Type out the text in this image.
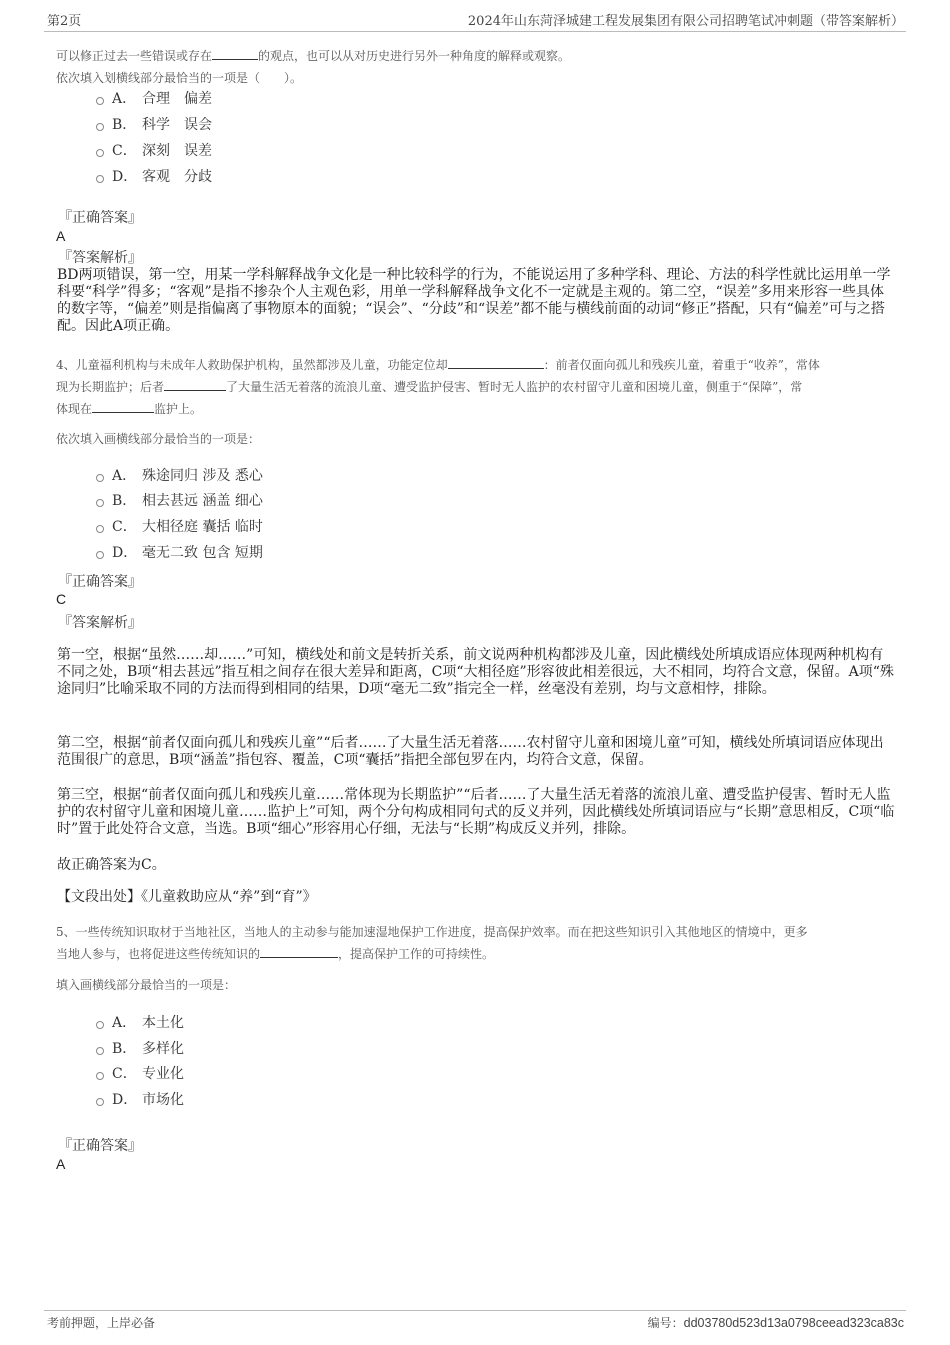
第2页	2024年山东菏泽城建工程发展集团有限公司招聘笔试冲刺题（带答案解析）
可以修正过去一些错误或存在	的观点，也可以从对历史进行另外一种角度的解释或观察。
依次填入划横线部分最恰当的一项是（　　）。
A． 合理 偏差
B． 科学 误会
C． 深刻 误差
D． 客观 分歧
『正确答案』
A
『答案解析』
BD两项错误，第一空，用某一学科解释战争文化是一种比较科学的行为，不能说运用了多种学科、理论、方法的科学性就比运用单一学科要“科学”得多；“客观”是指不掺杂个人主观色彩，用单一学科解释战争文化不一定就是主观的。第二空，“误差”多用来形容一些具体的数字等，“偏差”则是指偏离了事物原本的面貌；“误会”、“分歧”和“误差”都不能与横线前面的动词“修正”搭配，只有“偏差”可与之搭配。因此A项正确。
4、儿童福利机构与未成年人救助保护机构，虽然都涉及儿童，功能定位却	：前者仅面向孤儿和残疾儿童，着重于“收养”，常体
现为长期监护；后者	了大量生活无着落的流浪儿童、遭受监护侵害、暂时无人监护的农村留守儿童和困境儿童，侧重于“保障”，常
体现在	监护上。
依次填入画横线部分最恰当的一项是：
A． 殊途同归 涉及 悉心
B． 相去甚远 涵盖 细心
C． 大相径庭 囊括 临时
D． 毫无二致 包含 短期
『正确答案』
C
『答案解析』
第一空，根据“虽然……却……”可知，横线处和前文是转折关系，前文说两种机构都涉及儿童，因此横线处所填成语应体现两种机构有不同之处，B项“相去甚远”指互相之间存在很大差异和距离，C项“大相径庭”形容彼此相差很远，大不相同，均符合文意，保留。A项“殊途同归”比喻采取不同的方法而得到相同的结果，D项“毫无二致”指完全一样，丝毫没有差别，均与文意相悖，排除。
第二空，根据“前者仅面向孤儿和残疾儿童”“后者……了大量生活无着落……农村留守儿童和困境儿童”可知，横线处所填词语应体现出范围很广的意思，B项“涵盖”指包容、覆盖，C项“囊括”指把全部包罗在内，均符合文意，保留。
第三空，根据“前者仅面向孤儿和残疾儿童……常体现为长期监护”“后者……了大量生活无着落的流浪儿童、遭受监护侵害、暂时无人监护的农村留守儿童和困境儿童……监护上”可知，两个分句构成相同句式的反义并列，因此横线处所填词语应与“长期”意思相反，C项“临时”置于此处符合文意，当选。B项“细心”形容用心仔细，无法与“长期”构成反义并列，排除。
故正确答案为C。
【文段出处】《儿童救助应从“养”到“育”》
5、一些传统知识取材于当地社区，当地人的主动参与能加速湿地保护工作进度，提高保护效率。而在把这些知识引入其他地区的情境中，更多
当地人参与，也将促进这些传统知识的	，提高保护工作的可持续性。
填入画横线部分最恰当的一项是：
A． 本土化
B． 多样化
C． 专业化
D． 市场化
『正确答案』
A
考前押题，上岸必备	编号：dd03780d523d13a0798ceead323ca83c
